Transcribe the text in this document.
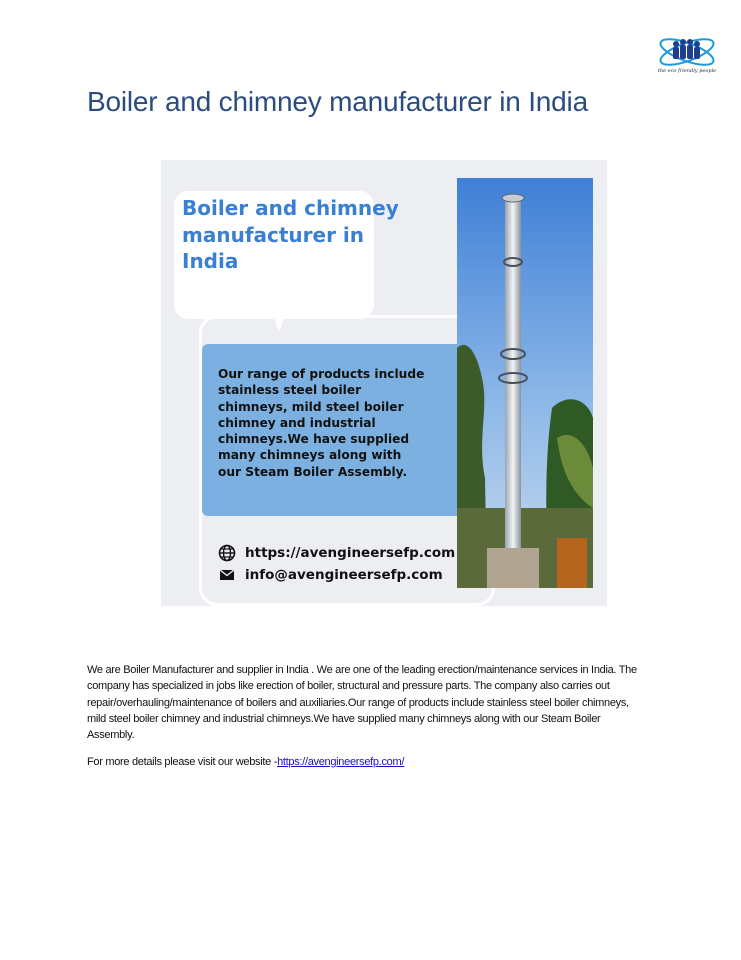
the eco friendly people
Boiler and chimney manufacturer in India
Boiler and chimney manufacturer in India

Our range of products include stainless steel boiler chimneys, mild steel boiler chimney and industrial chimneys.We have supplied many chimneys along with our Steam Boiler Assembly.

https://avengineersefp.com
info@avengineersefp.com

We are Boiler Manufacturer and supplier in India . We are one of the leading erection/maintenance services in India. The company has specialized in jobs like erection of boiler, structural and pressure parts. The company also carries out repair/overhauling/maintenance of boilers and auxiliaries.Our range of products include stainless steel boiler chimneys, mild steel boiler chimney and industrial chimneys.We have supplied many chimneys along with our Steam Boiler Assembly.

For more details please visit our website -https://avengineersefp.com/
